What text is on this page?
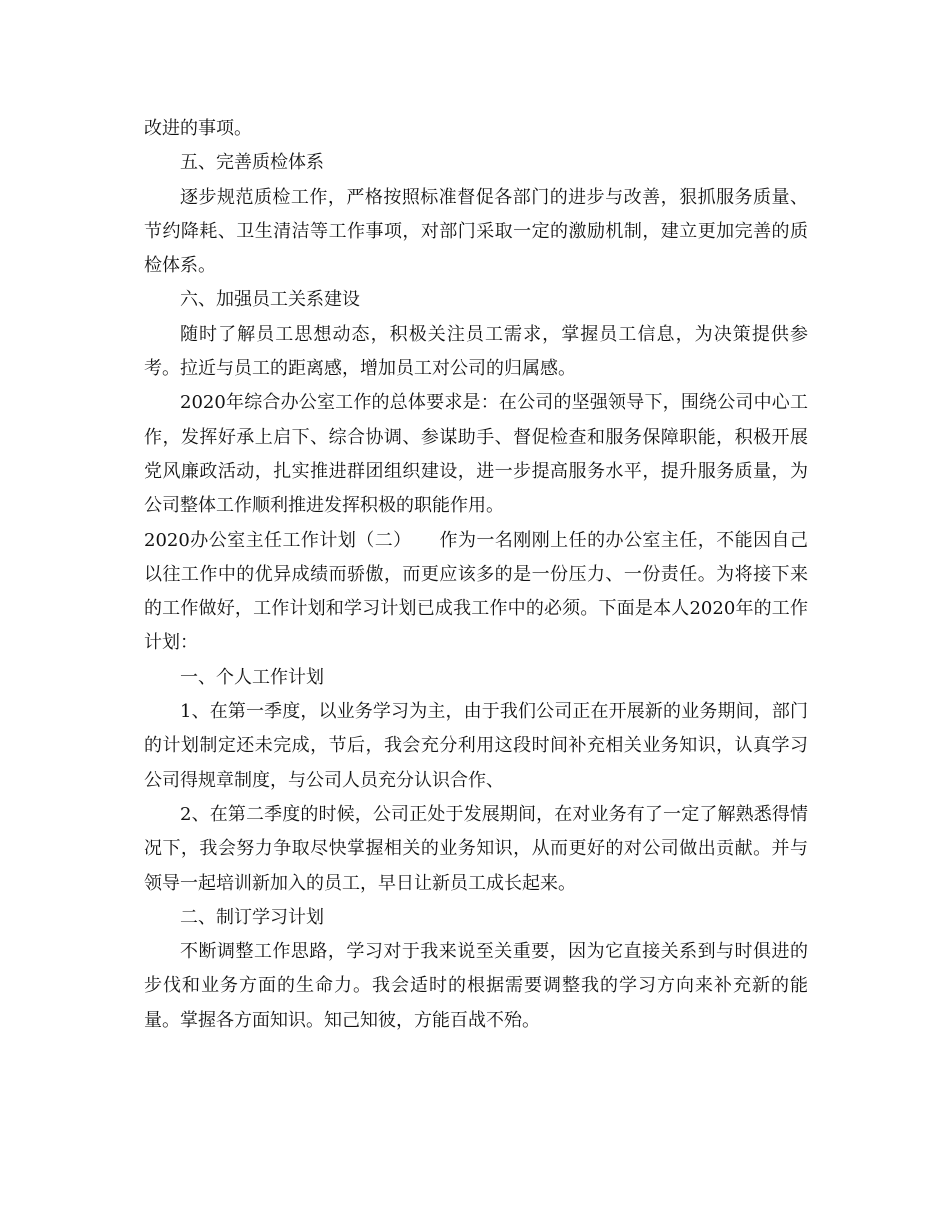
改进的事项。

五、完善质检体系

逐步规范质检工作，严格按照标准督促各部门的进步与改善，狠抓服务质量、节约降耗、卫生清洁等工作事项，对部门采取一定的激励机制，建立更加完善的质检体系。

六、加强员工关系建设

随时了解员工思想动态，积极关注员工需求，掌握员工信息，为决策提供参考。拉近与员工的距离感，增加员工对公司的归属感。

2020年综合办公室工作的总体要求是：在公司的坚强领导下，围绕公司中心工作，发挥好承上启下、综合协调、参谋助手、督促检查和服务保障职能，积极开展党风廉政活动，扎实推进群团组织建设，进一步提高服务水平，提升服务质量，为公司整体工作顺利推进发挥积极的职能作用。

2020办公室主任工作计划（二）　　作为一名刚刚上任的办公室主任，不能因自己以往工作中的优异成绩而骄傲，而更应该多的是一份压力、一份责任。为将接下来的工作做好，工作计划和学习计划已成我工作中的必须。下面是本人2020年的工作计划：

一、个人工作计划

1、在第一季度，以业务学习为主，由于我们公司正在开展新的业务期间，部门的计划制定还未完成，节后，我会充分利用这段时间补充相关业务知识，认真学习公司得规章制度，与公司人员充分认识合作、

2、在第二季度的时候，公司正处于发展期间，在对业务有了一定了解熟悉得情况下，我会努力争取尽快掌握相关的业务知识，从而更好的对公司做出贡献。并与领导一起培训新加入的员工，早日让新员工成长起来。

二、制订学习计划

不断调整工作思路，学习对于我来说至关重要，因为它直接关系到与时俱进的步伐和业务方面的生命力。我会适时的根据需要调整我的学习方向来补充新的能量。掌握各方面知识。知己知彼，方能百战不殆。
